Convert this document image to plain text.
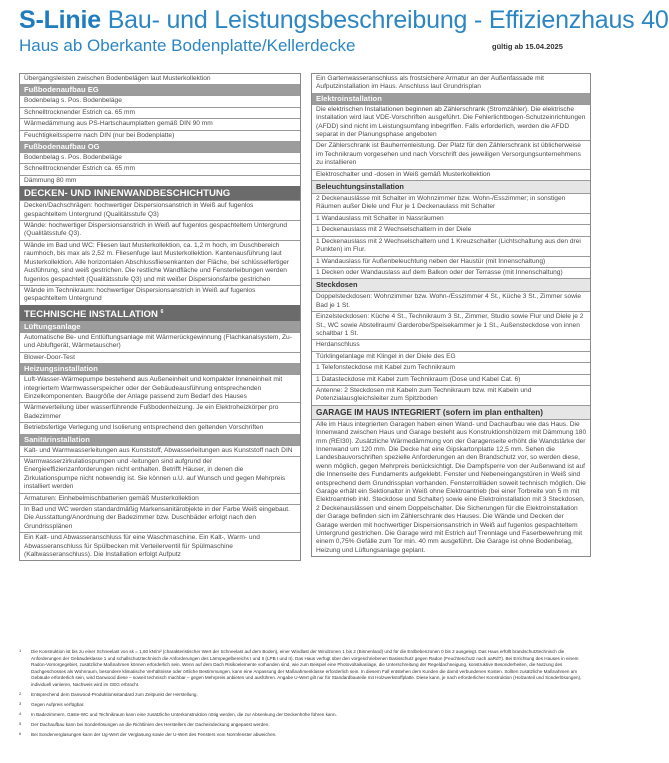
S-Linie Bau- und Leistungsbeschreibung - Effizienzhaus 40
Haus ab Oberkante Bodenplatte/Kellerdecke	gültig ab 15.04.2025
Übergangsleisten zwischen Bodenbelägen laut Musterkollektion
Fußbodenaufbau EG
Bodenbelag s. Pos. Bodenbeläge
Schnelltrocknender Estrich ca. 65 mm
Wärmedämmung aus PS-Hartschaumplatten gemäß DIN 90 mm
Feuchtigkeitssperre nach DIN (nur bei Bodenplatte)
Fußbodenaufbau OG
Bodenbelag s. Pos. Bodenbeläge
Schnelltrocknender Estrich ca. 65 mm
Dämmung 80 mm
DECKEN- UND INNENWANDBESCHICHTUNG
Decken/Dachschrägen: hochwertiger Dispersionsanstrich in Weiß auf fugenlos gespachteltem Untergrund (Qualitätsstufe Q3)
Wände: hochwertiger Dispersionsanstrich in Weiß auf fugenlos gespachteltem Untergrund (Qualitätsstufe Q3).
Wände im Bad und WC: Fliesen laut Musterkollektion, ca. 1,2 m hoch, im Duschbereich raumhoch, bis max als 2,52 m. Fliesenfuge laut Musterkollektion. Kantenausführung laut Musterkollektion. Alle horizontalen Abschlussfliesenkanten der Fläche, bei schlüsselfertiger Ausführung, sind weiß gestrichen. Die restliche Wandfläche und Fensterleibungen werden fugenlos gespachtelt (Qualitätsstufe Q3) und mit weißer Dispersionsfarbe gestrichen
Wände im Technikraum: hochwertiger Dispersionsanstrich in Weiß auf fugenlos gespachteltem Untergrund
TECHNISCHE INSTALLATION $^6$
Lüftungsanlage
Automatische Be- und Entlüftungsanlage mit Wärmerückgewinnung (Flachkanalsystem, Zu- und Abluftgerät, Wärmetauscher)
Blower-Door-Test
Heizungsinstallation
Luft-Wasser-Wärmepumpe bestehend aus Außeneinheit und kompakter Inneneinheit mit integriertem Warmwasserspeicher oder der Gebäudeausführung entsprechenden Einzelkomponenten. Baugröße der Anlage passend zum Bedarf des Hauses
Wärmeverteilung über wasserführende Fußbodenheizung. Je ein Elektroheizkörper pro Badezimmer
Betriebsfertige Verlegung und Isolierung entsprechend den geltenden Vorschriften
Sanitärinstallation
Kalt- und Warmwasserleitungen aus Kunststoff, Abwasserleitungen aus Kunststoff nach DIN
Warmwasserzirkulatiospumpen und -leitungen sind aufgrund der Energieeffizienzanforderungen nicht enthalten. Betrifft Häuser, in denen die Zirkulationspumpe nicht notwendig ist. Sie können u.U. auf Wunsch und gegen Mehrpreis installiert werden
Armaturen: Einhebelmischbatterien gemäß Musterkollektion
In Bad und WC werden standardmäßig Markensanitärobjekte in der Farbe Weiß eingebaut. Die Ausstattung/Anordnung der Badezimmer bzw. Duschbäder erfolgt nach den Grundrissplänen
Ein Kalt- und Abwasseranschluss für eine Waschmaschine. Ein Kalt-, Warm- und Abwasseranschluss für Spülbecken mit Verteilerventil für Spülmaschine (Kaltwasseranschluss). Die Installation erfolgt Aufputz
Ein Gartenwasseranschluss als frostsichere Armatur an der Außenfassade mit Aufputzinstallation im Haus. Anschluss laut Grundrisplan
Elektroinstallation
Die elektrischen Installationen beginnen ab Zählerschrank (Stromzähler). Die elektrische Installation wird laut VDE-Vorschriften ausgeführt. Die Fehlerlichtbogen-Schutzeinrichtungen (AFDD) sind nicht im Leistungsumfang inbegriffen. Falls erforderlich, werden die AFDD separat in der Planungsphase angeboten
Der Zählerschrank ist Bauherrenleistung. Der Platz für den Zählerschrank ist üblicherweise im Technikraum vorgesehen und nach Vorschrift des jeweiligen Versorgungsunternehmens zu installieren
Elektroschalter und -dosen in Weiß gemäß Musterkollektion
Beleuchtungsinstallation
2 Deckenauslässe mit Schalter im Wohnzimmer bzw. Wohn-/Esszimmer; in sonstigen Räumen außer Diele und Flur je 1 Deckenaulass mit Schalter
1 Wandauslass mit Schalter in Nassräumen
1 Deckenauslass mit 2 Wechselschaltern in der Diele
1 Deckenauslass mit 2 Wechselschaltern und 1 Kreuzschalter (Lichtschaltung aus den drei Punkten) im Flur.
1 Wandauslass für Außenbeleuchtung neben der Haustür (mit Innenschaltung)
1 Decken oder Wandauslass auf dem Balkon oder der Terrasse (mit Innenschaltung)
Steckdosen
Doppelsteckdosen: Wohnzimmer bzw. Wohn-/Esszimmer 4 St., Küche 3 St., Zimmer sowie Bad je 1 St.
Einzelsteckdosen: Küche 4 St., Technikraum 3 St., Zimmer, Studio sowie Flur und Diele je 2 St., WC sowie Abstellraum/ Garderobe/Speisekammer je 1 St., Außensteckdose von innen schaltbar 1 St.
Herdanschluss
Türklingelanlage mit Klingel in der Diele des EG
1 Telefonsteckdose mit Kabel zum Technikraum
1 Datasteckdose mit Kabel zum Technikraum (Dose und Kabel Cat. 6)
Antenne: 2 Steckdosen mit Kabeln zum Technikraum bzw. mit Kabeln und Potenzialausgleichsleiter zum Spitzboden
GARAGE IM HAUS INTEGRIERT (sofern im plan enthalten)
Alle im Haus integrierten Garagen haben einen Wand- und Dachaufbau wie das Haus. Die Innenwand zwischen Haus und Garage besteht aus Konstruktionshölzern mit Dämmung 180 mm (REI30). Zusätzliche Wärmedämmung von der Garagenseite erhöht die Wandstärke der Innenwand um 120 mm. Die Decke hat eine Gipskartonplatte 12,5 mm. Sehen die Landesbauvorschriften spezielle Anforderungen an den Brandschutz vor, so werden diese, wenn möglich, gegen Mehrpreis berücksichtigt. Die Dampfsperre von der Außenwand ist auf die Innenseite des Fundaments aufgeklebt. Fenster und Nebeneingangstüren in Weiß sind entsprechend dem Grundrissplan vorhanden. Fensterrollläden soweit technisch möglich. Die Garage erhält ein Sektionaltor in Weiß ohne Elektroantrieb (bei einer Torbreite von 5 m mit Elektroantrieb inkl. Steckdose und Schalter) sowie eine Elektroinstallation mit 3 Steckdosen, 2 Deckenauslässen und einem Doppelschalter. Die Sicherungen für die Elektroinstallation der Garage befinden sich im Zählerschrank des Hauses. Die Wände und Decken der Garage werden mit hochwertiger Dispersionsanstrich in Weiß auf fugenlos gespachteltem Untergrund gestrichen. Die Garage wird mit Estrich auf Trennlage und Faserbewehrung mit einem 0,75% Gefälle zum Tor min. 40 mm ausgeführt. Die Garage ist ohne Bodenbelag, Heizung und Lüftungsanlage geplant.
1 Die Konstruktion ist bis zu einer Schneelast von sk = 1,60 kN/m² (charakteristischer Wert der Schneelast auf dem Boden), einer Windlast der Windzonen 1 bis 2 (Binnenland) und für die Erdbebenzonen 0 bis 2 ausgelegt. Das Haus erfüllt brandschutztechnisch die Anforderungen der Gebäudeklasse 1 und schallschutztechnisch die Anforderungen des Lärmpegelbereichs I und II (LPB I und II). Das Haus verfügt über den vorgeschriebenen Basisschutz gegen Radon (Feuchteschutz nach aaRdT). Bei Errichtung des Hauses in einem Radon-Vorsorgegebiet, zusätzliche Maßnahmen können erforderlich sein. Wenn auf dem Dach Risikoelemente vorhanden sind, wie zum Beispiel eine Photovoltaikanlage, die Unterschreitung der Regeldachneigung, konstruktive Besonderheiten, die Nutzung des Dachgeschosses als Wohnraum, besondere klimatische Verhältnisse oder örtliche Bestimmungen, kann eine Anpassung der Maßnahmenklasse erforderlich sein. In diesem Fall entstehen dem Kunden die damit verbundenen Kosten. Sollten zusätzliche Maßnahmen am Gebäude erforderlich sein, wird Danwood diese – soweit technisch machbar – gegen Mehrpreis anbieten und ausführen. Angabe U-Wert gilt nur für Standardbauteile mit Holzwerkstoffplatte. Diese kann, je nach erforderlicher Konstruktion (Holzanteil und Sonderlösungen), individuell variieren, Nachweis wird im GEG erbracht.
2 Entsprechend dem Danwood-Produktionsstandard zum Zeitpunkt der Herstellung.
3 Gegen Aufpreis verfügbar.
4 In Badezimmern, Gäste-WC und Technikraum kann eine zusätzliche Unterkonstruktion nötig werden, die zur Absenkung der Deckenhöhe führen kann.
5 Der Dachaufbau kann bei Sonderlösungen an die Richtlinien des Herstellers der Dacheindeckung angepasst werden.
6 Bei Sonderverglasungen kann der Ug-Wert der Verglasung sowie der U-Wert des Fensters vom Normfenster abweichen.
